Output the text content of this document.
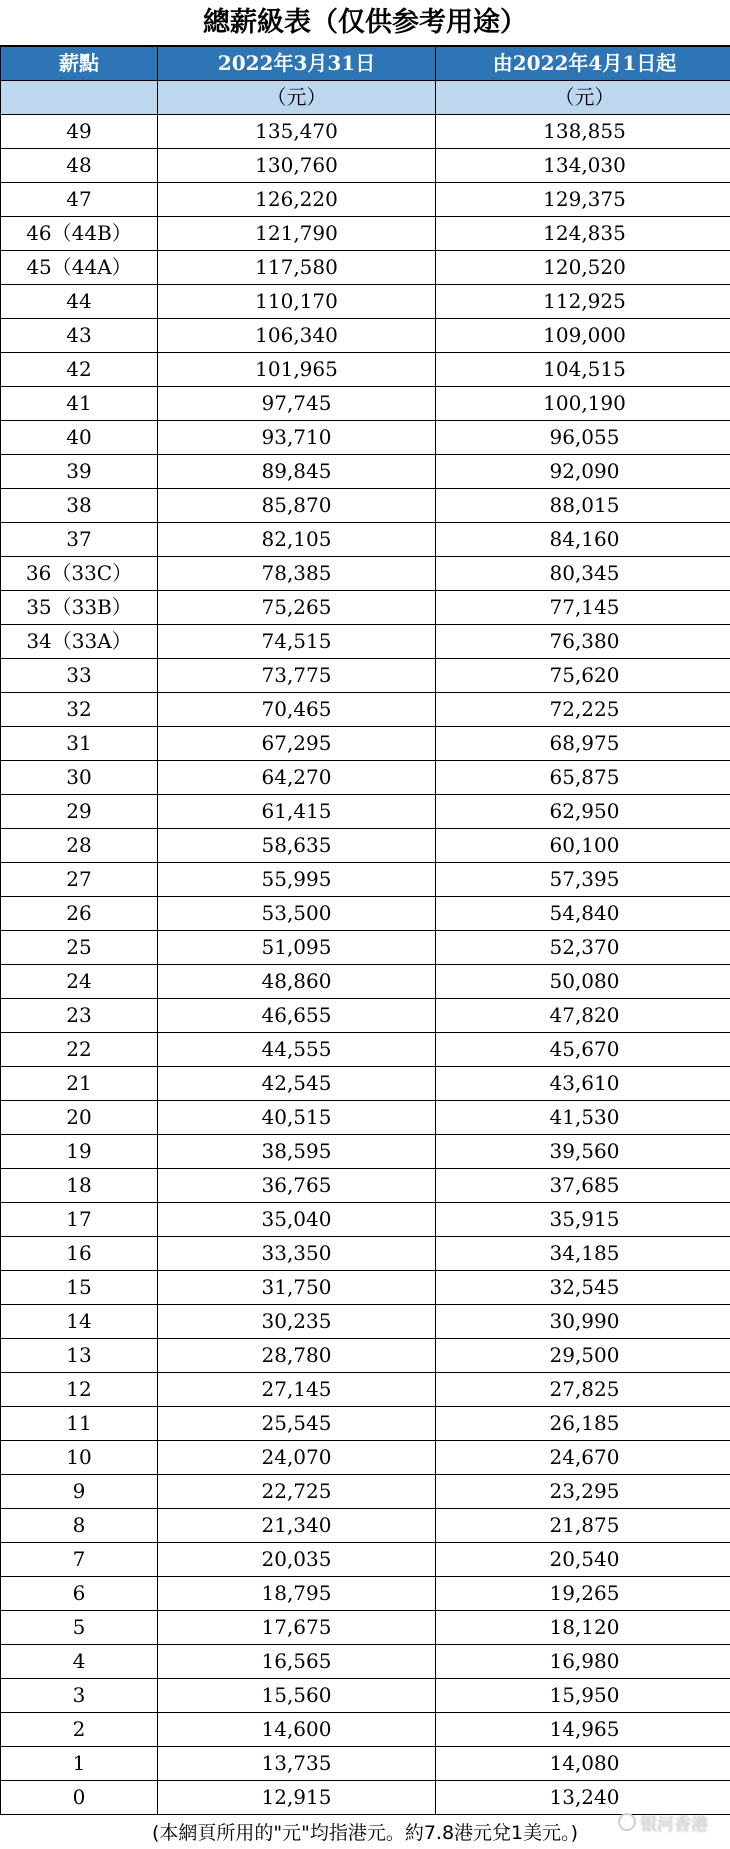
總薪級表（仅供参考用途）
薪點	2022年3月31日	由2022年4月1日起
	（元）	（元）
49	135,470	138,855
48	130,760	134,030
47	126,220	129,375
46（44B）	121,790	124,835
45（44A）	117,580	120,520
44	110,170	112,925
43	106,340	109,000
42	101,965	104,515
41	97,745	100,190
40	93,710	96,055
39	89,845	92,090
38	85,870	88,015
37	82,105	84,160
36（33C）	78,385	80,345
35（33B）	75,265	77,145
34（33A）	74,515	76,380
33	73,775	75,620
32	70,465	72,225
31	67,295	68,975
30	64,270	65,875
29	61,415	62,950
28	58,635	60,100
27	55,995	57,395
26	53,500	54,840
25	51,095	52,370
24	48,860	50,080
23	46,655	47,820
22	44,555	45,670
21	42,545	43,610
20	40,515	41,530
19	38,595	39,560
18	36,765	37,685
17	35,040	35,915
16	33,350	34,185
15	31,750	32,545
14	30,235	30,990
13	28,780	29,500
12	27,145	27,825
11	25,545	26,185
10	24,070	24,670
9	22,725	23,295
8	21,340	21,875
7	20,035	20,540
6	18,795	19,265
5	17,675	18,120
4	16,565	16,980
3	15,560	15,950
2	14,600	14,965
1	13,735	14,080
0	12,915	13,240
(本網頁所用的"元"均指港元。約7.8港元兌1美元。)	银河香港
